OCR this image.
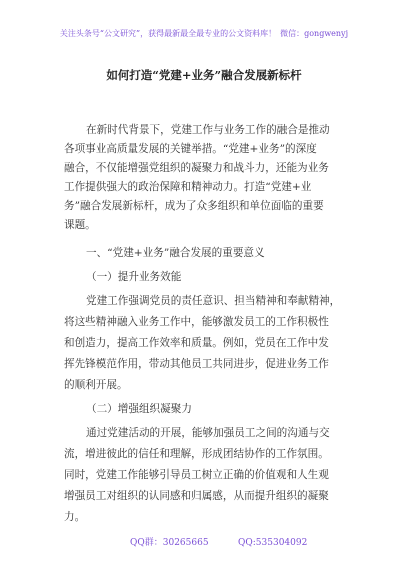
关注头条号“公文研究”，获得最新最全最专业的公文资料库！ 微信：gongwenyj
如何打造“党建+业务”融合发展新标杆
在新时代背景下，党建工作与业务工作的融合是推动
各项事业高质量发展的关键举措。“党建+业务”的深度
融合，不仅能增强党组织的凝聚力和战斗力，还能为业务
工作提供强大的政治保障和精神动力。打造“党建+业
务”融合发展新标杆，成为了众多组织和单位面临的重要
课题。
一、“党建+业务”融合发展的重要意义
（一）提升业务效能
党建工作强调党员的责任意识、担当精神和奉献精神，
将这些精神融入业务工作中，能够激发员工的工作积极性
和创造力，提高工作效率和质量。例如，党员在工作中发
挥先锋模范作用，带动其他员工共同进步，促进业务工作
的顺利开展。
（二）增强组织凝聚力
通过党建活动的开展，能够加强员工之间的沟通与交
流，增进彼此的信任和理解，形成团结协作的工作氛围。
同时，党建工作能够引导员工树立正确的价值观和人生观
增强员工对组织的认同感和归属感，从而提升组织的凝聚
力。
QQ群：30265665	QQ:535304092
